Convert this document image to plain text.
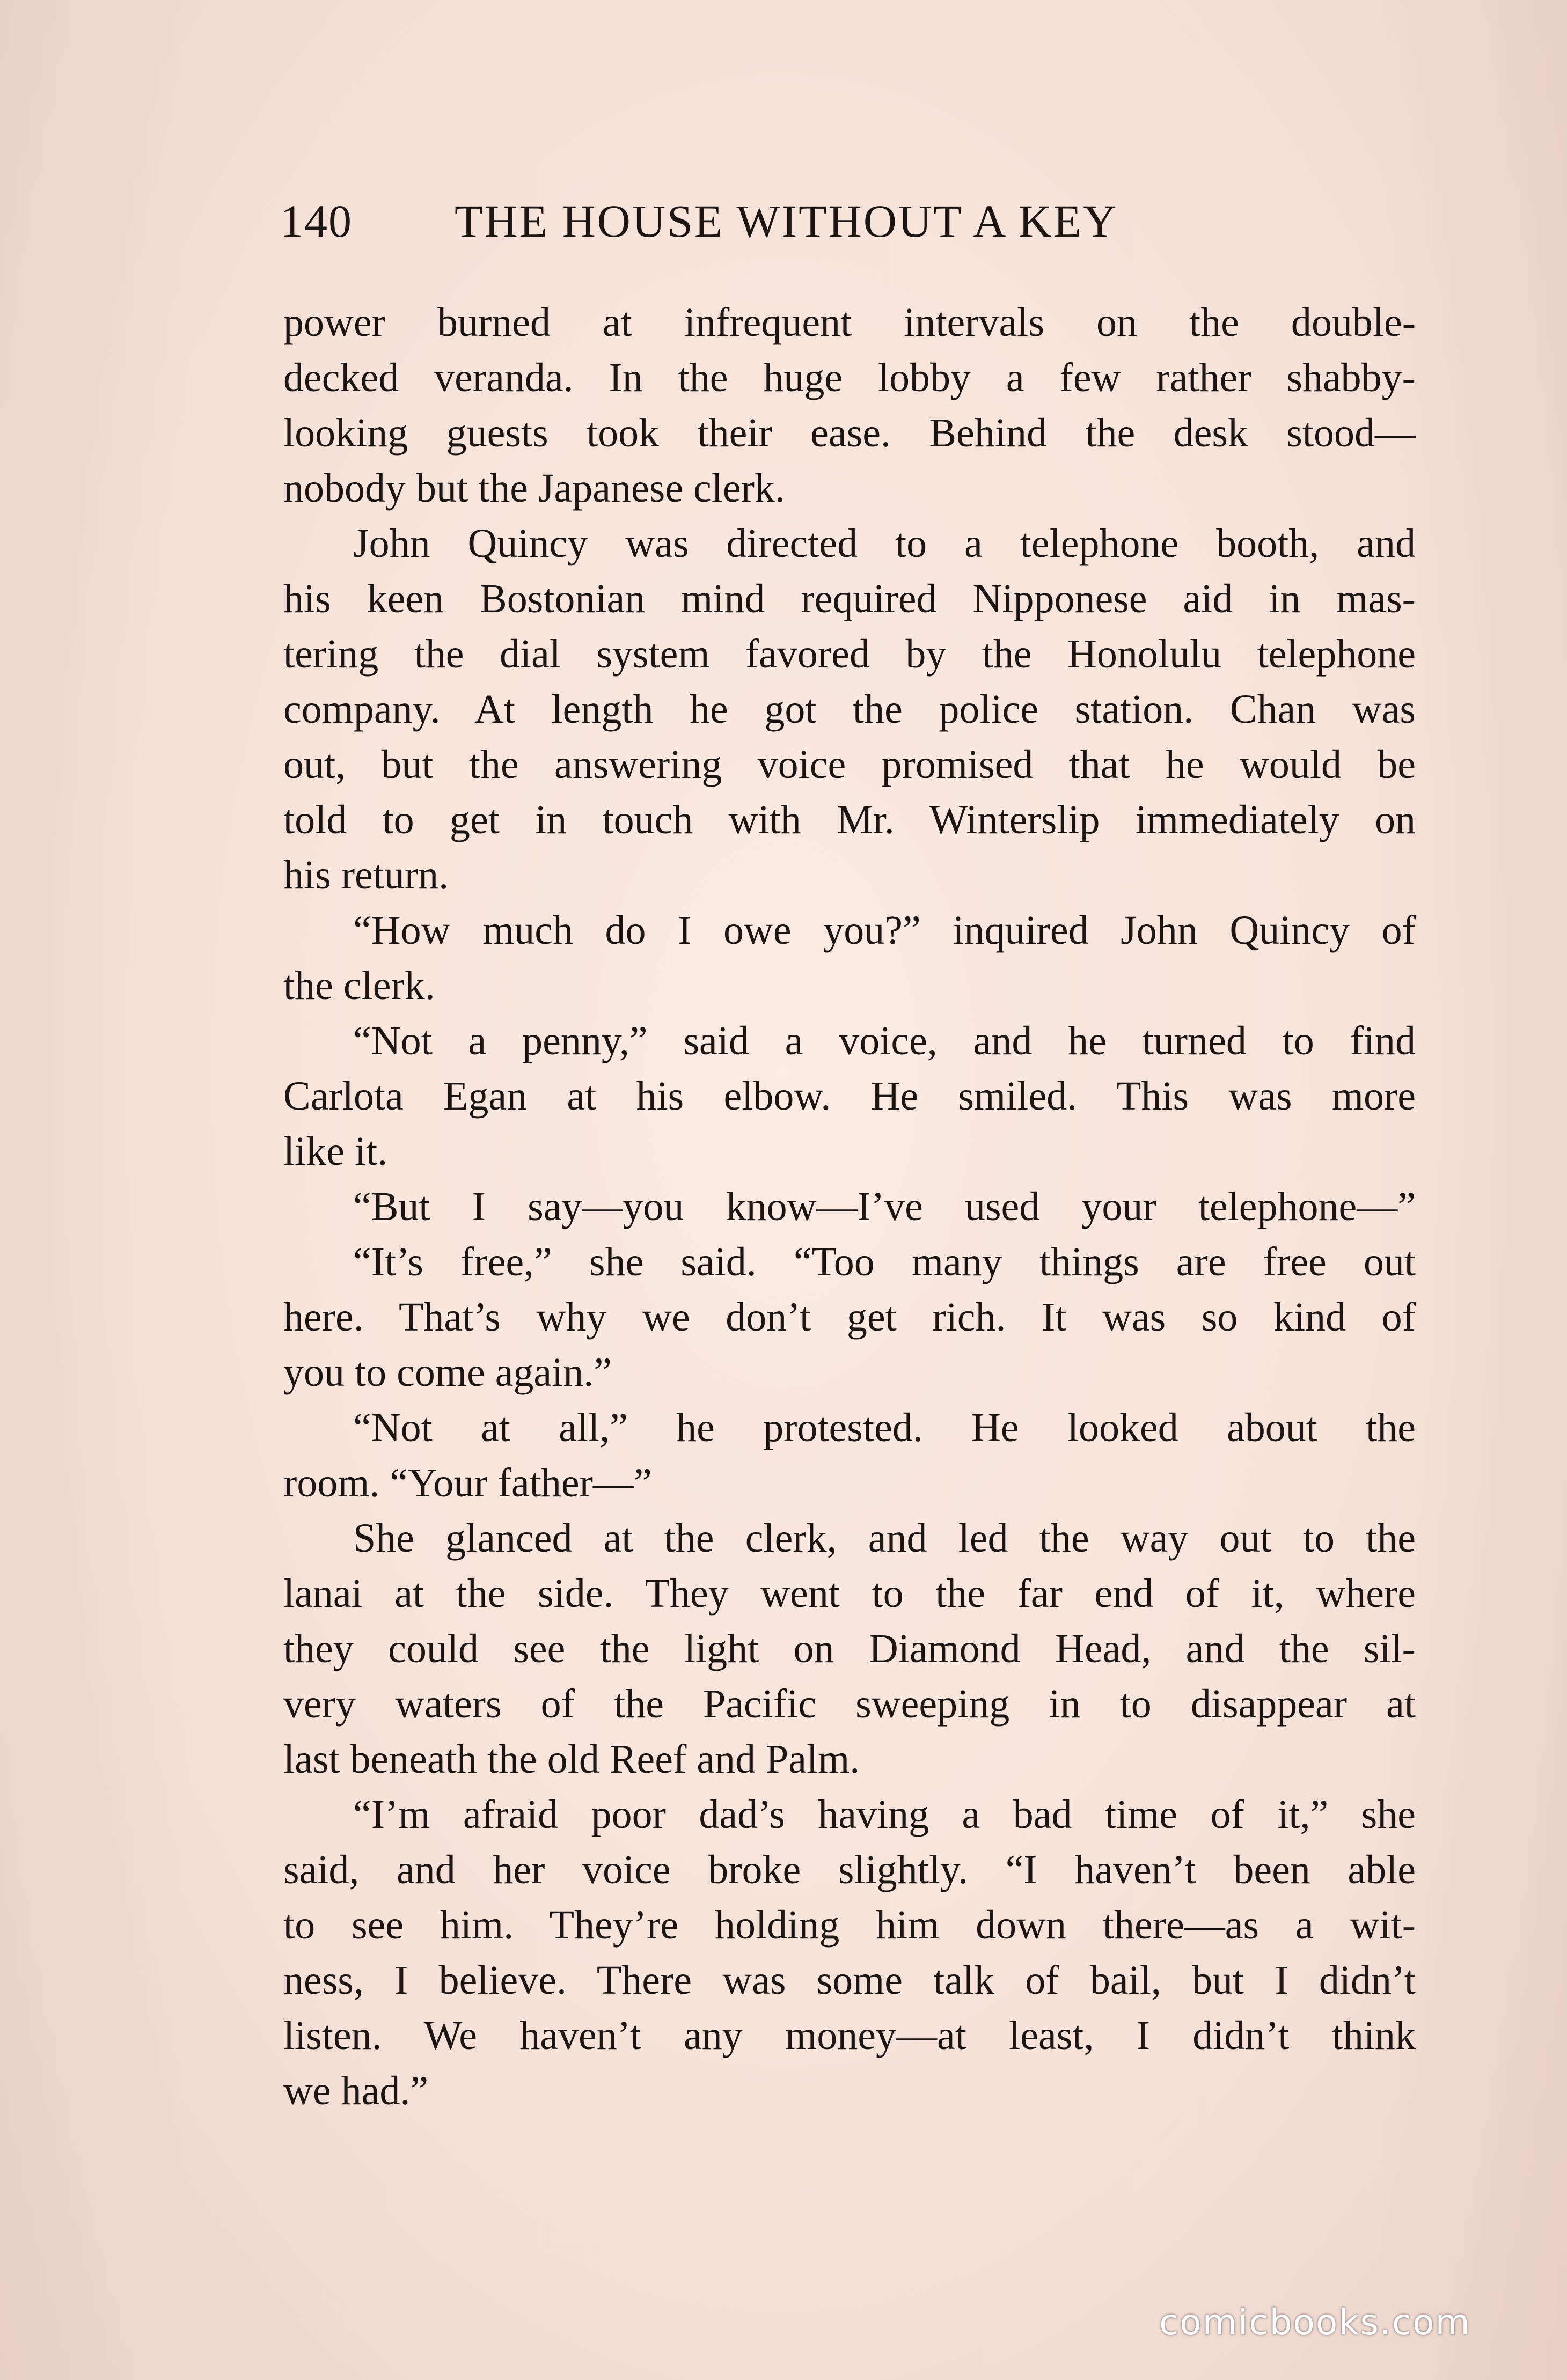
140 THE HOUSE WITHOUT A KEY
power burned at infrequent intervals on the double-
decked veranda. In the huge lobby a few rather shabby-
looking guests took their ease. Behind the desk stood—
nobody but the Japanese clerk.
John Quincy was directed to a telephone booth, and
his keen Bostonian mind required Nipponese aid in mas-
tering the dial system favored by the Honolulu telephone
company. At length he got the police station. Chan was
out, but the answering voice promised that he would be
told to get in touch with Mr. Winterslip immediately on
his return.
“How much do I owe you?” inquired John Quincy of
the clerk.
“Not a penny,” said a voice, and he turned to find
Carlota Egan at his elbow. He smiled. This was more
like it.
“But I say—you know—I’ve used your telephone—”
“It’s free,” she said. “Too many things are free out
here. That’s why we don’t get rich. It was so kind of
you to come again.”
“Not at all,” he protested. He looked about the
room. “Your father—”
She glanced at the clerk, and led the way out to the
lanai at the side. They went to the far end of it, where
they could see the light on Diamond Head, and the sil-
very waters of the Pacific sweeping in to disappear at
last beneath the old Reef and Palm.
“I’m afraid poor dad’s having a bad time of it,” she
said, and her voice broke slightly. “I haven’t been able
to see him. They’re holding him down there—as a wit-
ness, I believe. There was some talk of bail, but I didn’t
listen. We haven’t any money—at least, I didn’t think
we had.”
comicbooks.com
